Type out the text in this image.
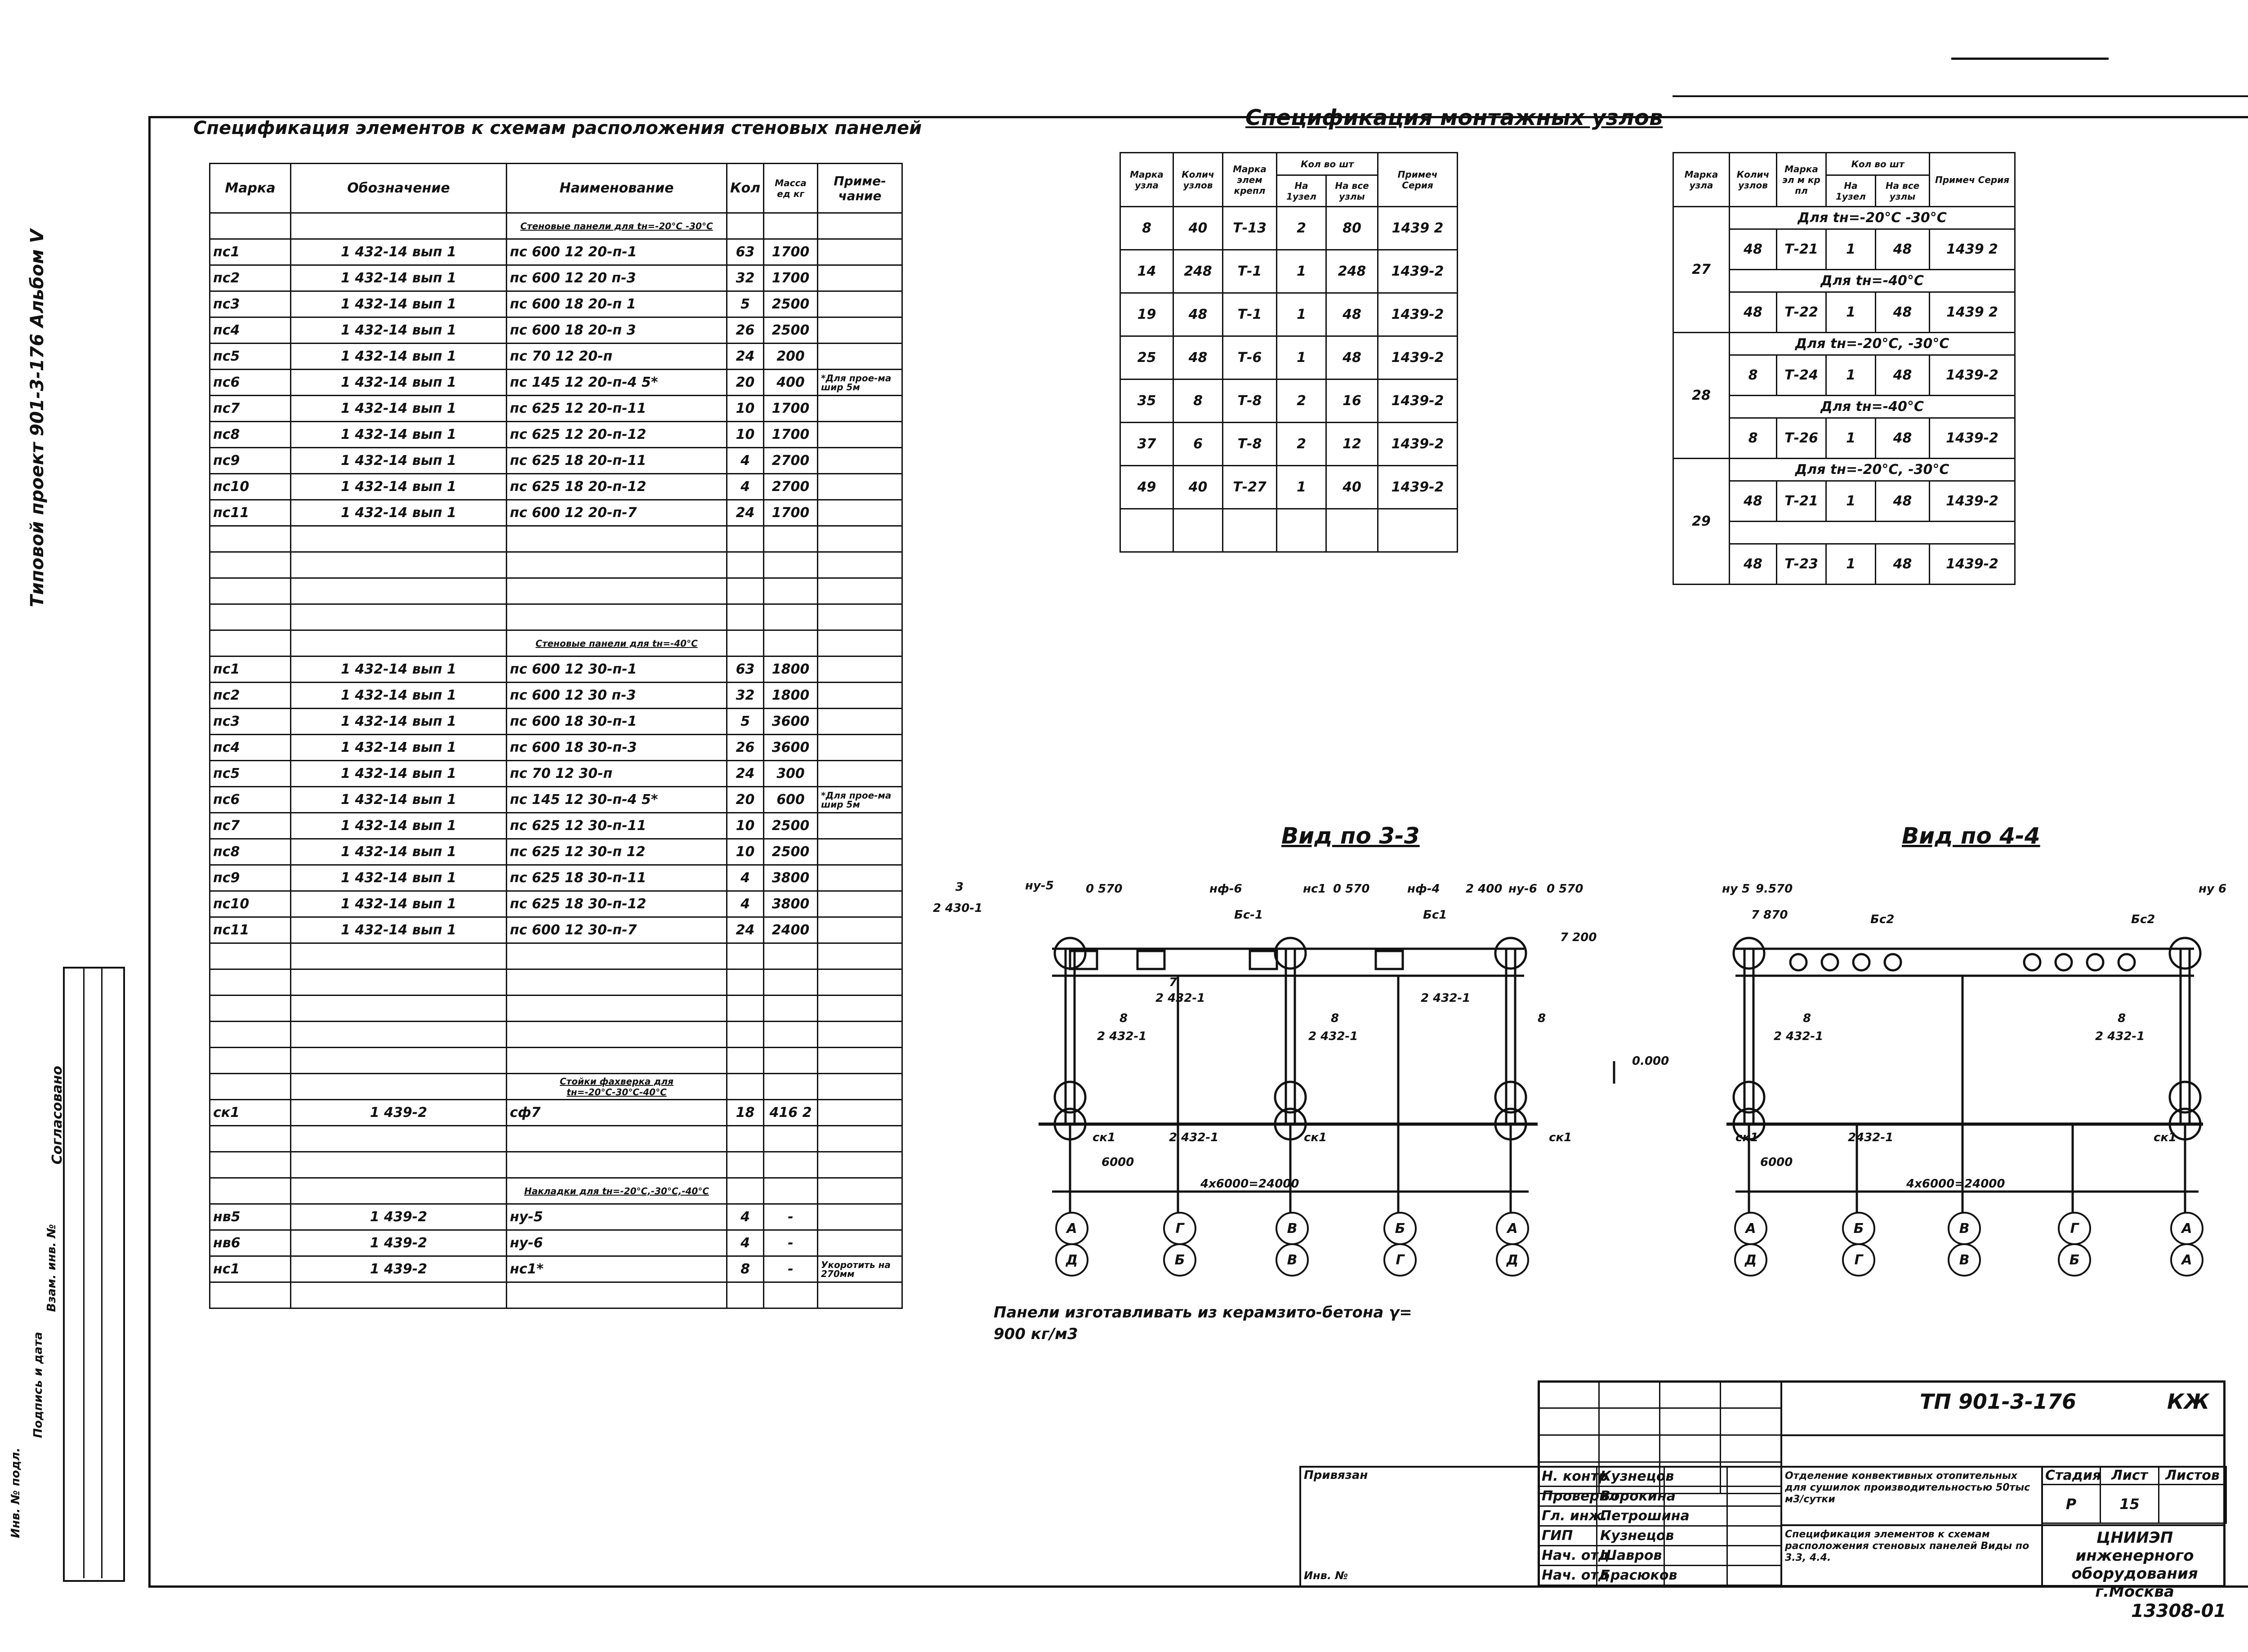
Типовой проект 901-3-176 Альбом V
Согласовано
Инв. № подл.
Подпись и дата
Взам. инв. №
Спецификация элементов к схемам расположения стеновых панелей
Марка	Обозначение	Наименование	Кол	Масса ед кг	Приме-чание
		Стеновые панели для tн=-20°С -30°С			
пс1	1 432-14 вып 1	пс 600 12 20-п-1	63	1700	
пс2	1 432-14 вып 1	пс 600 12 20 п-3	32	1700	
пс3	1 432-14 вып 1	пс 600 18 20-п 1	5	2500	
пс4	1 432-14 вып 1	пс 600 18 20-п 3	26	2500	
пс5	1 432-14 вып 1	пс 70 12 20-п	24	200	
пс6	1 432-14 вып 1	пс 145 12 20-п-4 5*	20	400	*Для прое-ма шир 5м
пс7	1 432-14 вып 1	пс 625 12 20-п-11	10	1700	
пс8	1 432-14 вып 1	пс 625 12 20-п-12	10	1700	
пс9	1 432-14 вып 1	пс 625 18 20-п-11	4	2700	
пс10	1 432-14 вып 1	пс 625 18 20-п-12	4	2700	
пс11	1 432-14 вып 1	пс 600 12 20-п-7	24	1700	

		Стеновые панели для tн=-40°С			
пс1	1 432-14 вып 1	пс 600 12 30-п-1	63	1800	
пс2	1 432-14 вып 1	пс 600 12 30 п-3	32	1800	
пс3	1 432-14 вып 1	пс 600 18 30-п-1	5	3600	
пс4	1 432-14 вып 1	пс 600 18 30-п-3	26	3600	
пс5	1 432-14 вып 1	пс 70 12 30-п	24	300	
пс6	1 432-14 вып 1	пс 145 12 30-п-4 5*	20	600	*Для прое-ма шир 5м
пс7	1 432-14 вып 1	пс 625 12 30-п-11	10	2500	
пс8	1 432-14 вып 1	пс 625 12 30-п 12	10	2500	
пс9	1 432-14 вып 1	пс 625 18 30-п-11	4	3800	
пс10	1 432-14 вып 1	пс 625 18 30-п-12	4	3800	
пс11	1 432-14 вып 1	пс 600 12 30-п-7	24	2400	

		Стойки фахверка для tн=-20°С-30°С-40°С			
ск1	1 439-2	сф7	18	416 2	

		Накладки для tн=-20°С,-30°С,-40°С			
нв5	1 439-2	ну-5	4	-	
нв6	1 439-2	ну-6	4	-	
нс1	1 439-2	нс1*	8	-	Укоротить на 270мм

Спецификация монтажных узлов
Марка узла	Колич узлов	Марка элем крепл	Кол во шт		Примеч Серия
			На 1узел	На все узлы	
8	40	Т-13	2	80	1439 2
14	248	Т-1	1	248	1439-2
19	48	Т-1	1	48	1439-2
25	48	Т-6	1	48	1439-2
35	8	Т-8	2	16	1439-2
37	6	Т-8	2	12	1439-2
49	40	Т-27	1	40	1439-2

Марка узла	Колич узлов	Марка эл м кр пл	Кол во шт		Примеч Серия
			На 1узел	На все узлы	
27	Для tн=-20°С -30°С				
	48	Т-21	1	48	1439 2
	Для tн=-40°С				
	48	Т-22	1	48	1439 2
28	Для tн=-20°С, -30°С				
	8	Т-24	1	48	1439-2
	Для tн=-40°С				
	8	Т-26	1	48	1439-2
29	Для tн=-20°С, -30°С				
	48	Т-21	1	48	1439-2

	48	Т-23	1	48	1439-2
Вид по 3-3
ну-5	0 570	нф-6	нс1 0 570	нф-4 2 400 ну-6 0 570
2 430-1
3
Бс-1	Бс1
7 200
7
2 432-1
8
2 432-1
8
2 432-1
2 432-1
8
ск1	2 432-1	ск1	ск1
6000
4x6000=24000
0.000
А
Д
Г
Б
В
В
Б
Г
А
Д
Вид по 4-4
ну 5 9.570
7 870	Бс2	Бс2
ну 6
8
2 432-1
8
2 432-1
ск1	2432-1	ск1
6000
4x6000=24000
А
Д
Б
Г
В
В
Г
Б
А
А
Панели изготавливать из керамзито-бетона γ= 900 кг/м3

ТП 901-3-176	КЖ
Привязан
Инв. №
Н. контр	Кузнецов		
Проверил	Ворокина		
Гл. инж.	Петрошина		
ГИП	Кузнецов		
Нач. отд	Шавров		
Нач. отд	Брасюков		
Отделение конвективных отопительных для сушилок производительностью 50тыс м3/сутки
Спецификация элементов к схемам расположения стеновых панелей Виды по 3.3, 4.4.
Стадия	Лист	Листов
Р	15	
ЦНИИЭП инженерного оборудования г.Москва
13308-01
